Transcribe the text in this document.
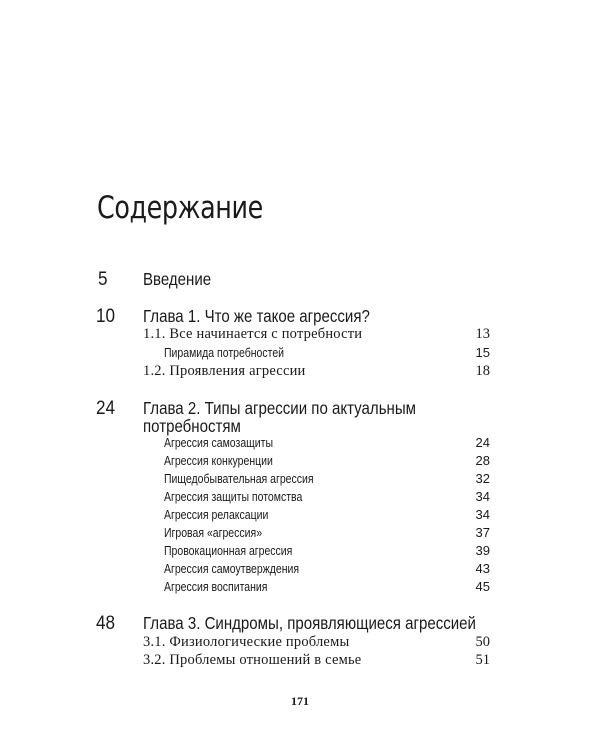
Содержание
5 Введение
10 Глава 1. Что же такое агрессия?
1.1. Все начинается с потребности	13
Пирамида потребностей	15
1.2. Проявления агрессии	18
24 Глава 2. Типы агрессии по актуальным
потребностям
Агрессия самозащиты	24
Агрессия конкуренции	28
Пищедобывательная агрессия	32
Агрессия защиты потомства	34
Агрессия релаксации	34
Игровая «агрессия»	37
Провокационная агрессия	39
Агрессия самоутверждения	43
Агрессия воспитания	45
48 Глава 3. Синдромы, проявляющиеся агрессией
3.1. Физиологические проблемы	50
3.2. Проблемы отношений в семье	51
171
